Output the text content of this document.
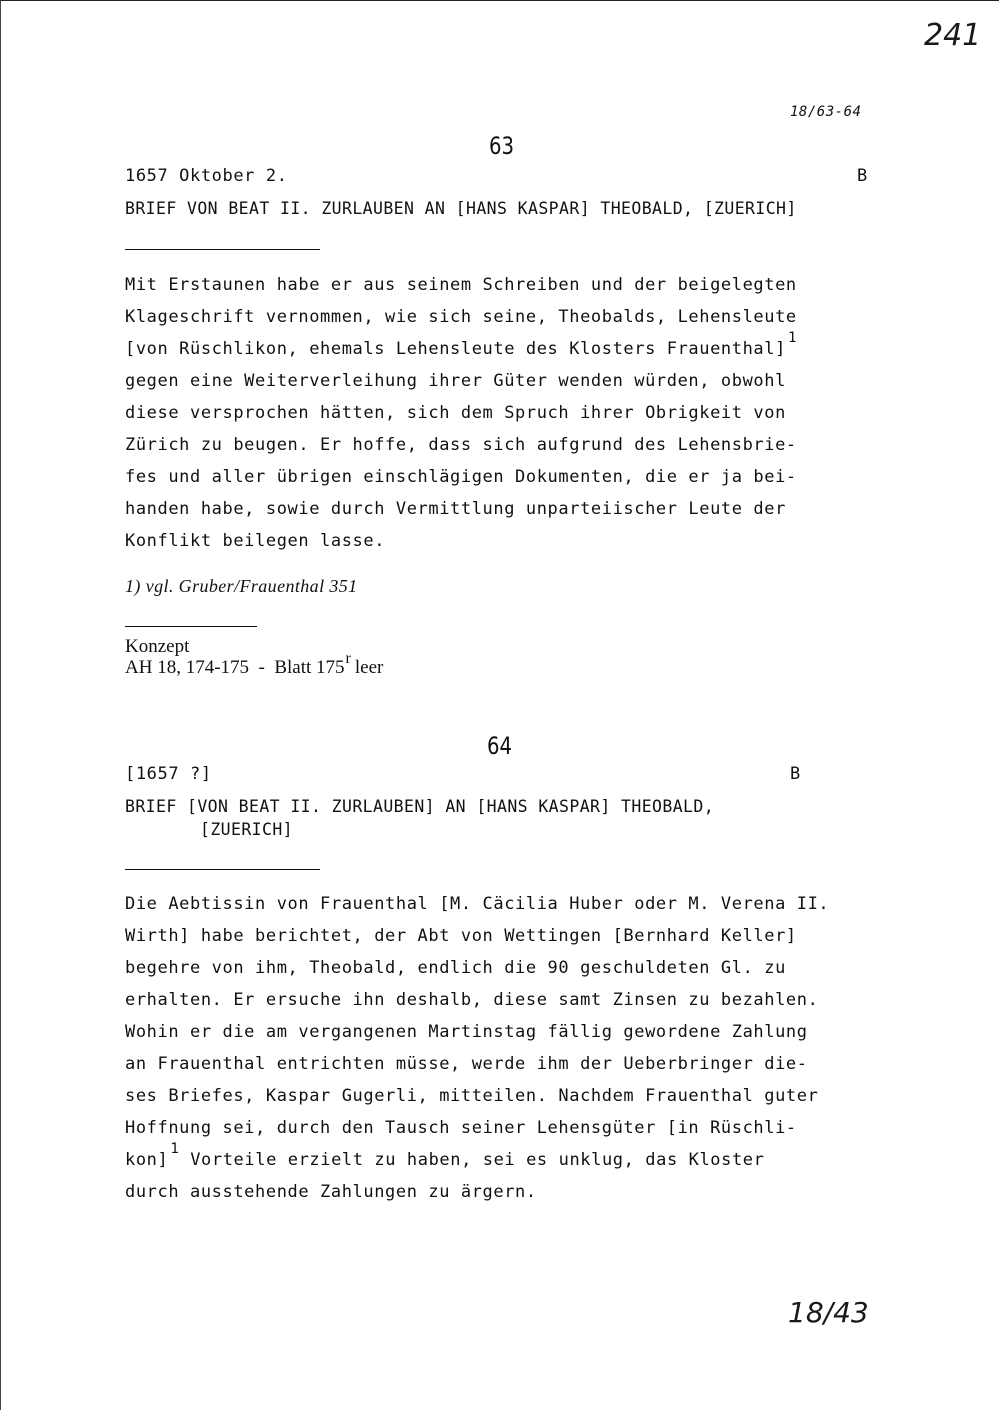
241
18/63-64
63
1657 Oktober 2.	B
BRIEF VON BEAT II. ZURLAUBEN AN [HANS KASPAR] THEOBALD, [ZUERICH]
Mit Erstaunen habe er aus seinem Schreiben und der beigelegten
Klageschrift vernommen, wie sich seine, Theobalds, Lehensleute
[von Rüschlikon, ehemals Lehensleute des Klosters Frauenthal]$^1$
gegen eine Weiterverleihung ihrer Güter wenden würden, obwohl
diese versprochen hätten, sich dem Spruch ihrer Obrigkeit von
Zürich zu beugen. Er hoffe, dass sich aufgrund des Lehensbrie-
fes und aller übrigen einschlägigen Dokumenten, die er ja bei-
handen habe, sowie durch Vermittlung unparteiischer Leute der
Konflikt beilegen lasse.
1) vgl. Gruber/Frauenthal 351
Konzept
AH 18, 174-175  -  Blatt 175$^r$ leer
64
[1657 ?]	B
BRIEF [VON BEAT II. ZURLAUBEN] AN [HANS KASPAR] THEOBALD,
[ZUERICH]
Die Aebtissin von Frauenthal [M. Cäcilia Huber oder M. Verena II.
Wirth] habe berichtet, der Abt von Wettingen [Bernhard Keller]
begehre von ihm, Theobald, endlich die 90 geschuldeten Gl. zu
erhalten. Er ersuche ihn deshalb, diese samt Zinsen zu bezahlen.
Wohin er die am vergangenen Martinstag fällig gewordene Zahlung
an Frauenthal entrichten müsse, werde ihm der Ueberbringer die-
ses Briefes, Kaspar Gugerli, mitteilen. Nachdem Frauenthal guter
Hoffnung sei, durch den Tausch seiner Lehensgüter [in Rüschli-
kon]$^1$ Vorteile erzielt zu haben, sei es unklug, das Kloster
durch ausstehende Zahlungen zu ärgern.
18/43
